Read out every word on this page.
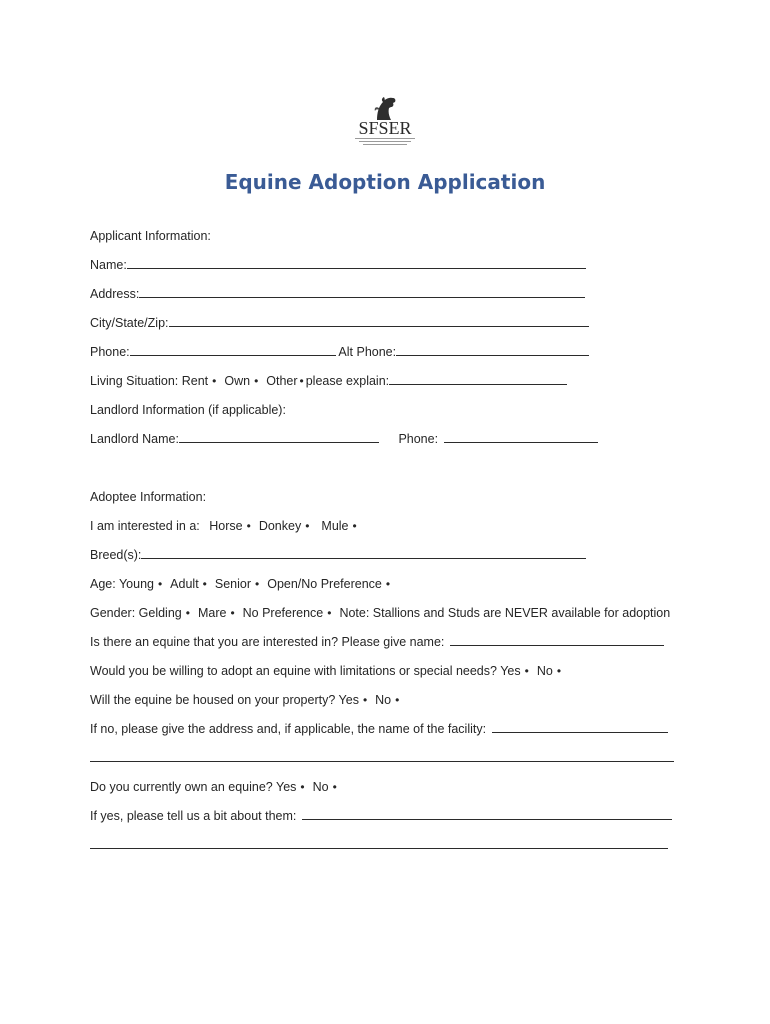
SFSER
Equine Adoption Application
Applicant Information:
Name:
Address:
City/State/Zip:
Phone:	Alt Phone:
Living Situation: Rent • Own • Other • please explain:
Landlord Information (if applicable):
Landlord Name:	Phone:
Adoptee Information:
I am interested in a: Horse • Donkey • Mule •
Breed(s):
Age: Young • Adult • Senior • Open/No Preference •
Gender: Gelding • Mare • No Preference • Note: Stallions and Studs are NEVER available for adoption
Is there an equine that you are interested in? Please give name:
Would you be willing to adopt an equine with limitations or special needs? Yes • No •
Will the equine be housed on your property? Yes • No •
If no, please give the address and, if applicable, the name of the facility:
Do you currently own an equine? Yes • No •
If yes, please tell us a bit about them:
